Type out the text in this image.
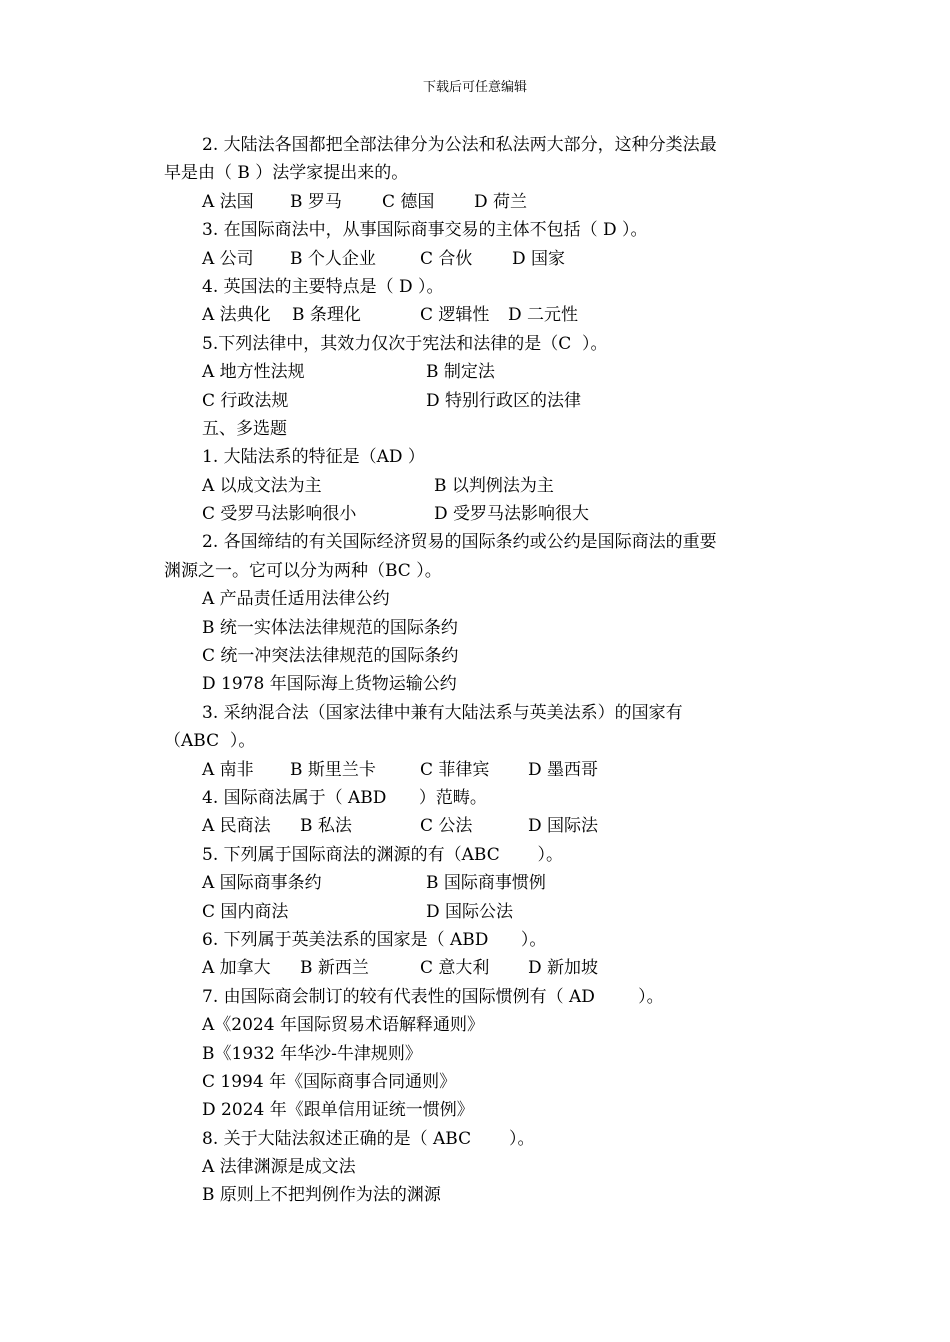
下载后可任意编辑
2. 大陆法各国都把全部法律分为公法和私法两大部分，这种分类法最
早是由（ B ）法学家提出来的。
A 法国	B 罗马	C 德国	D 荷兰
3. 在国际商法中，从事国际商事交易的主体不包括（ D ）。
A 公司	B 个人企业	C 合伙	D 国家
4. 英国法的主要特点是（ D ）。
A 法典化	B 条理化	C 逻辑性	D 二元性
5.下列法律中，其效力仅次于宪法和法律的是（C  ）。
A 地方性法规	B 制定法
C 行政法规	D 特别行政区的法律
五、多选题
1. 大陆法系的特征是（AD ）
A 以成文法为主	B 以判例法为主
C 受罗马法影响很小	D 受罗马法影响很大
2. 各国缔结的有关国际经济贸易的国际条约或公约是国际商法的重要
渊源之一。它可以分为两种（BC ）。
A 产品责任适用法律公约
B 统一实体法法律规范的国际条约
C 统一冲突法法律规范的国际条约
D 1978 年国际海上货物运输公约
3. 采纳混合法（国家法律中兼有大陆法系与英美法系）的国家有
（ABC  ）。
A 南非	B 斯里兰卡	C 菲律宾	D 墨西哥
4. 国际商法属于（ ABD      ）范畴。
A 民商法	B 私法	C 公法	D 国际法
5. 下列属于国际商法的渊源的有（ABC       ）。
A 国际商事条约	B 国际商事惯例
C 国内商法	D 国际公法
6. 下列属于英美法系的国家是（ ABD      ）。
A 加拿大	B 新西兰	C 意大利	D 新加坡
7. 由国际商会制订的较有代表性的国际惯例有（ AD        ）。
A《2024 年国际贸易术语解释通则》
B《1932 年华沙-牛津规则》
C 1994 年《国际商事合同通则》
D 2024 年《跟单信用证统一惯例》
8. 关于大陆法叙述正确的是（ ABC       ）。
A 法律渊源是成文法
B 原则上不把判例作为法的渊源
